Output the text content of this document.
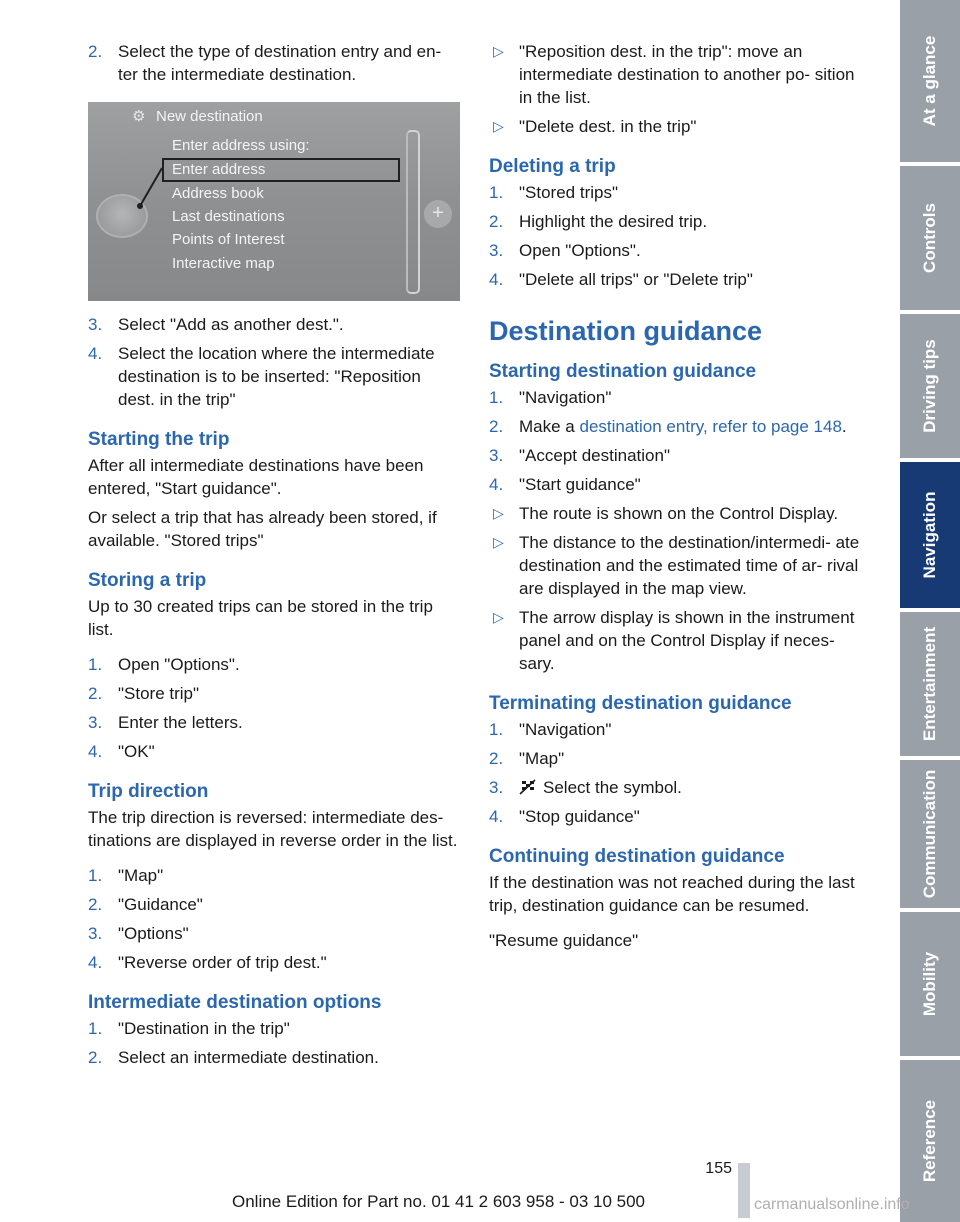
2. Select the type of destination entry and en‐ ter the intermediate destination.
⚙ New destination
Enter address using:
Enter address
Address book
Last destinations
Points of Interest
Interactive map
+
3. Select "Add as another dest.".
4. Select the location where the intermediate destination is to be inserted: "Reposition dest. in the trip"
Starting the trip
After all intermediate destinations have been entered, "Start guidance".
Or select a trip that has already been stored, if available. "Stored trips"
Storing a trip
Up to 30 created trips can be stored in the trip list.
1. Open "Options".
2. "Store trip"
3. Enter the letters.
4. "OK"
Trip direction
The trip direction is reversed: intermediate des‐ tinations are displayed in reverse order in the list.
1. "Map"
2. "Guidance"
3. "Options"
4. "Reverse order of trip dest."
Intermediate destination options
1. "Destination in the trip"
2. Select an intermediate destination.
▷ "Reposition dest. in the trip": move an intermediate destination to another po‐ sition in the list.
▷ "Delete dest. in the trip"
Deleting a trip
1. "Stored trips"
2. Highlight the desired trip.
3. Open "Options".
4. "Delete all trips" or "Delete trip"
Destination guidance
Starting destination guidance
1. "Navigation"
2. Make a destination entry, refer to page 148.
3. "Accept destination"
4. "Start guidance"
▷ The route is shown on the Control Display.
▷ The distance to the destination/intermedi‐ ate destination and the estimated time of ar‐ rival are displayed in the map view.
▷ The arrow display is shown in the instrument panel and on the Control Display if neces‐ sary.
Terminating destination guidance
1. "Navigation"
2. "Map"
3. Select the symbol.
4. "Stop guidance"
Continuing destination guidance
If the destination was not reached during the last trip, destination guidance can be resumed.
"Resume guidance"
At a glance
Controls
Driving tips
Navigation
Entertainment
Communication
Mobility
Reference
155
Online Edition for Part no. 01 41 2 603 958 - 03 10 500	carmanualsonline.info
